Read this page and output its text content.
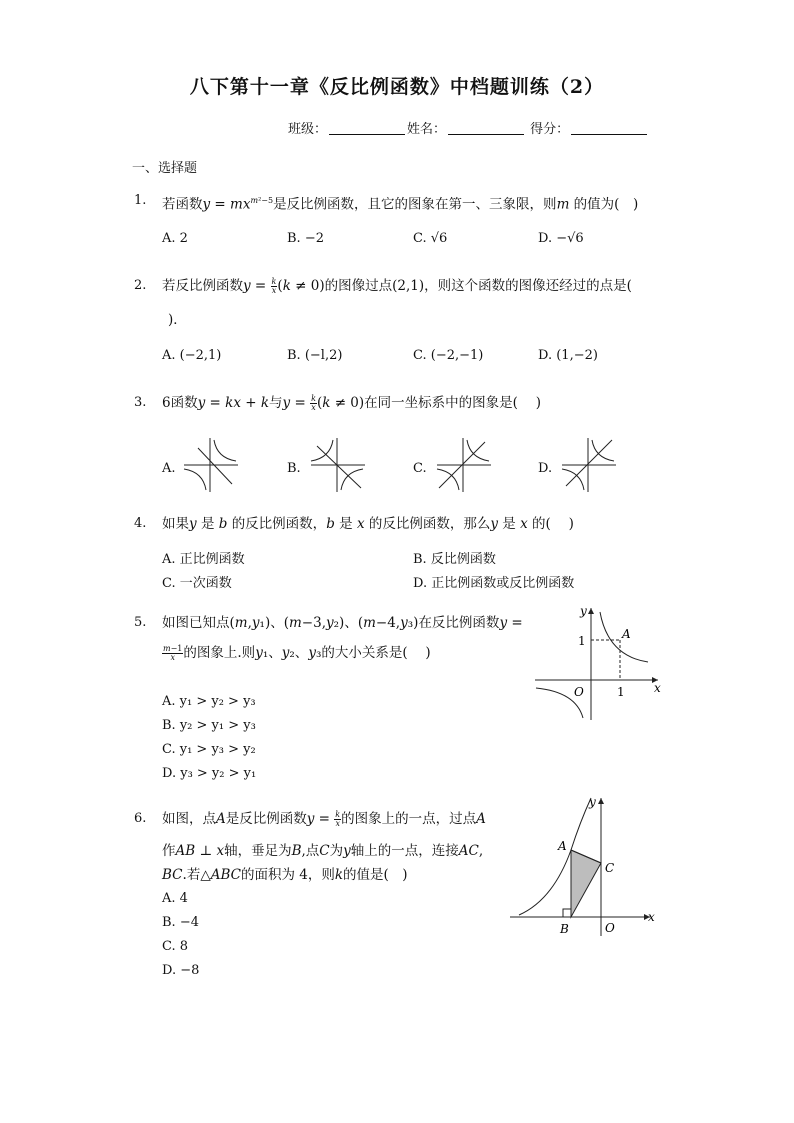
八下第十一章《反比例函数》中档题训练（2）
班级：	姓名：	得分：
一、选择题
1. 若函数$y = mx^{m^2-5}$是反比例函数，且它的图象在第一、三象限，则m 的值为(　)
A. 2	B. −2	C. √6	D. −√6
2. 若反比例函数$y = \frac{k}{x} (k \ne 0)$的图像过点(2,1)，则这个函数的图像还经过的点是(
)．
A. (−2,1)	B. (−l,2)	C. (−2,−1)	D. (1,−2)
3. 6函数y = kx + k与$y = \frac{k}{x} (k \ne 0)$在同一坐标系中的图象是(　 )
A.	B.	C.	D.
4. 如果y 是 b 的反比例函数，b 是 x 的反比例函数，那么y 是 x 的(　 )
A. 正比例函数	B. 反比例函数
C. 一次函数	D. 正比例函数或反比例函数
5. 如图已知点(m,y₁)、(m−3,y₂)、(m−4,y₃)在反比例函数y =
$\frac{m-1}{x}$ 的图象上.则y₁、y₂、y₃的大小关系是(　 )
A. y₁ > y₂ > y₃
B. y₂ > y₁ > y₃
C. y₁ > y₃ > y₂
D. y₃ > y₂ > y₁
y
x
O
A
1
1
6. 如图，点A是反比例函数$y = \frac{k}{x}$ 的图象上的一点，过点A
作AB ⊥ x轴，垂足为B,点C为y轴上的一点，连接AC,
BC.若△ABC的面积为 4，则k的值是(　)
A. 4
B. −4
C. 8
D. −8
y
x
O
A
B
C
